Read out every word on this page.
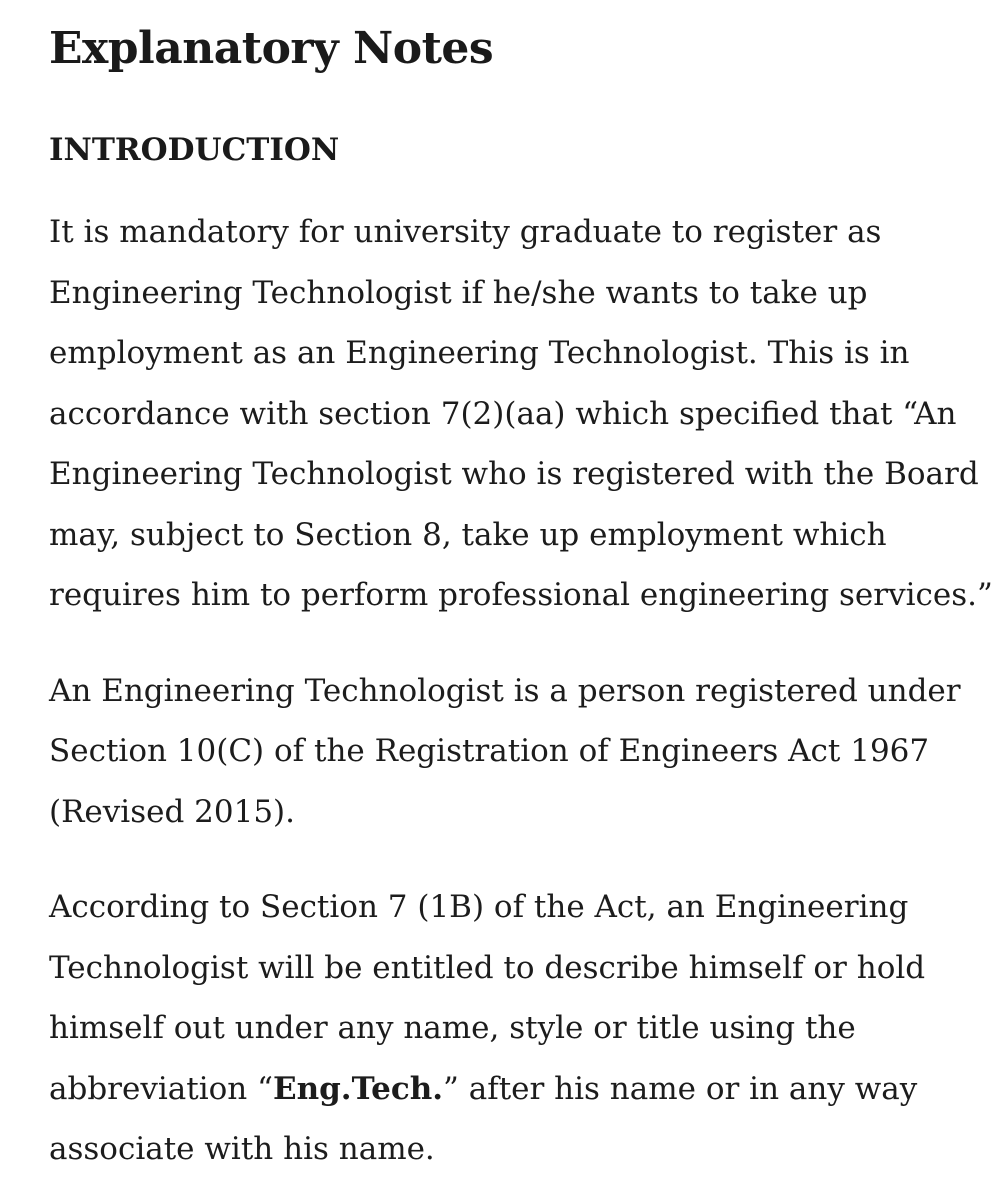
Explanatory Notes
INTRODUCTION

It is mandatory for university graduate to register as
Engineering Technologist if he/she wants to take up
employment as an Engineering Technologist. This is in
accordance with section 7(2)(aa) which specified that “An
Engineering Technologist who is registered with the Board
may, subject to Section 8, take up employment which
requires him to perform professional engineering services.”

An Engineering Technologist is a person registered under
Section 10(C) of the Registration of Engineers Act 1967
(Revised 2015).

According to Section 7 (1B) of the Act, an Engineering
Technologist will be entitled to describe himself or hold
himself out under any name, style or title using the
abbreviation “Eng.Tech.” after his name or in any way
associate with his name.
